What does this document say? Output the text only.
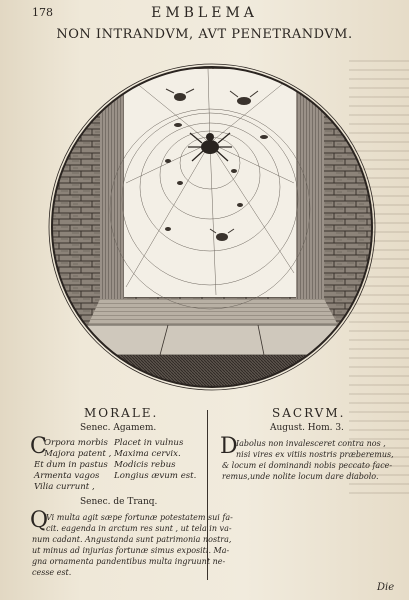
178	EMBLEMA
NON INTRANDVM, AVT PENETRANDVM.
MORALE.
Senec. Agamem.
C
Orpora morbis
Majora patent ,
Et dum in pastus
Armenta vagos
Vilia currunt ,
Placet in vulnus
Maxima cervix.
Modicis rebus
Longius ævum est.
Senec. de Tranq.
Q
Vi multa agit sæpe fortunæ potestatem sui fa-
cit. eagenda in arctum res sunt , ut tela in va-
num cadant. Angustanda sunt patrimonia nostra,
ut minus ad injurias fortunæ simus expositi. Ma-
gna ornamenta pandentibus multa ingruunt ne-
cesse est.
SACRVM.
August. Hom. 3.
D
Iabolus non invalesceret contra nos ,
nisi vires ex vitiis nostris præberemus,
& locum ei dominandi nobis peccato face-
remus,unde nolite locum dare diabolo.
Die
